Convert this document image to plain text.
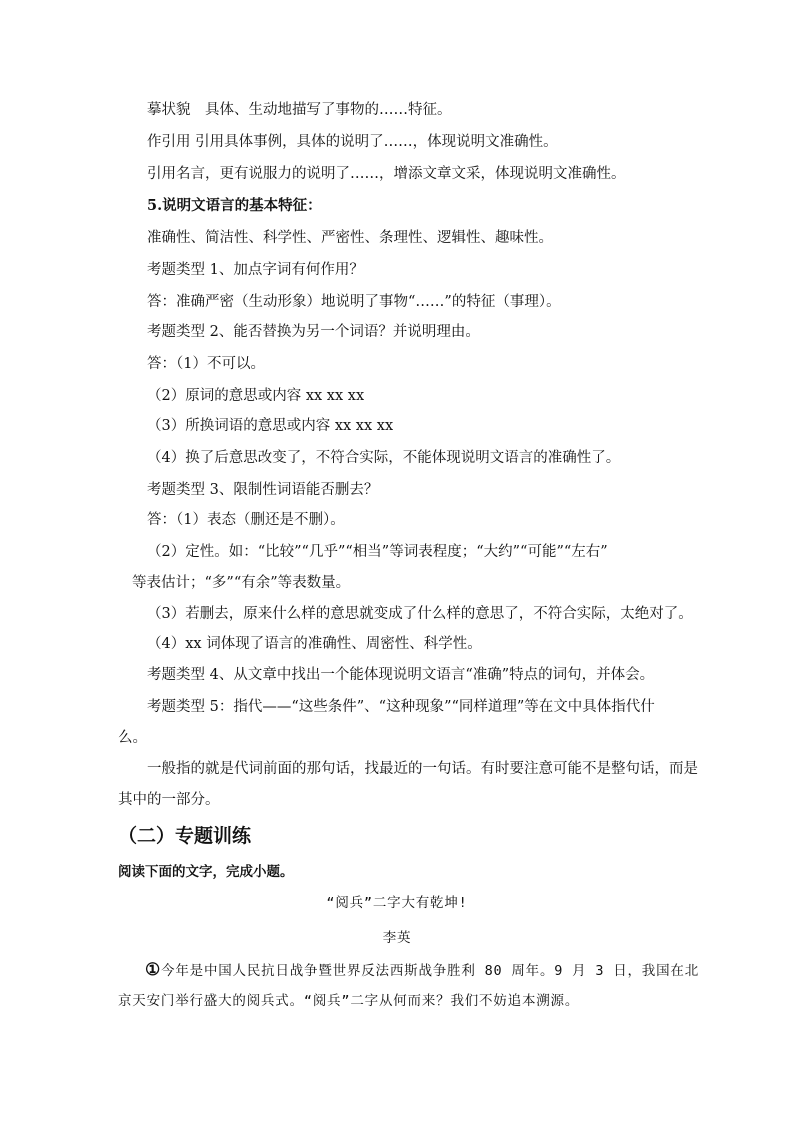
摹状貌　具体、生动地描写了事物的……特征。

作引用 引用具体事例，具体的说明了……，体现说明文准确性。

引用名言，更有说服力的说明了……，增添文章文采，体现说明文准确性。

5.说明文语言的基本特征：

准确性、简洁性、科学性、严密性、条理性、逻辑性、趣味性。

考题类型 1、加点字词有何作用？

答：准确严密（生动形象）地说明了事物“……”的特征（事理）。

考题类型 2、能否替换为另一个词语？并说明理由。

答：（1）不可以。

（2）原词的意思或内容 xx xx xx

（3）所换词语的意思或内容 xx xx xx

（4）换了后意思改变了，不符合实际，不能体现说明文语言的准确性了。

考题类型 3、限制性词语能否删去？

答：（1）表态（删还是不删）。

（2）定性。如：“比较”“几乎”“相当”等词表程度；“大约”“可能”“左右”

等表估计；“多”“有余”等表数量。

（3）若删去，原来什么样的意思就变成了什么样的意思了，不符合实际，太绝对了。

（4）xx 词体现了语言的准确性、周密性、科学性。

考题类型 4、从文章中找出一个能体现说明文语言“准确”特点的词句，并体会。

考题类型 5：指代——“这些条件”、“这种现象”“同样道理”等在文中具体指代什

么。

一般指的就是代词前面的那句话，找最近的一句话。有时要注意可能不是整句话，而是

其中的一部分。

（二）专题训练

阅读下面的文字，完成小题。

“阅兵”二字大有乾坤!

李英

①今年是中国人民抗日战争暨世界反法西斯战争胜利 80 周年。9 月 3 日，我国在北

京天安门举行盛大的阅兵式。“阅兵”二字从何而来？我们不妨追本溯源。
